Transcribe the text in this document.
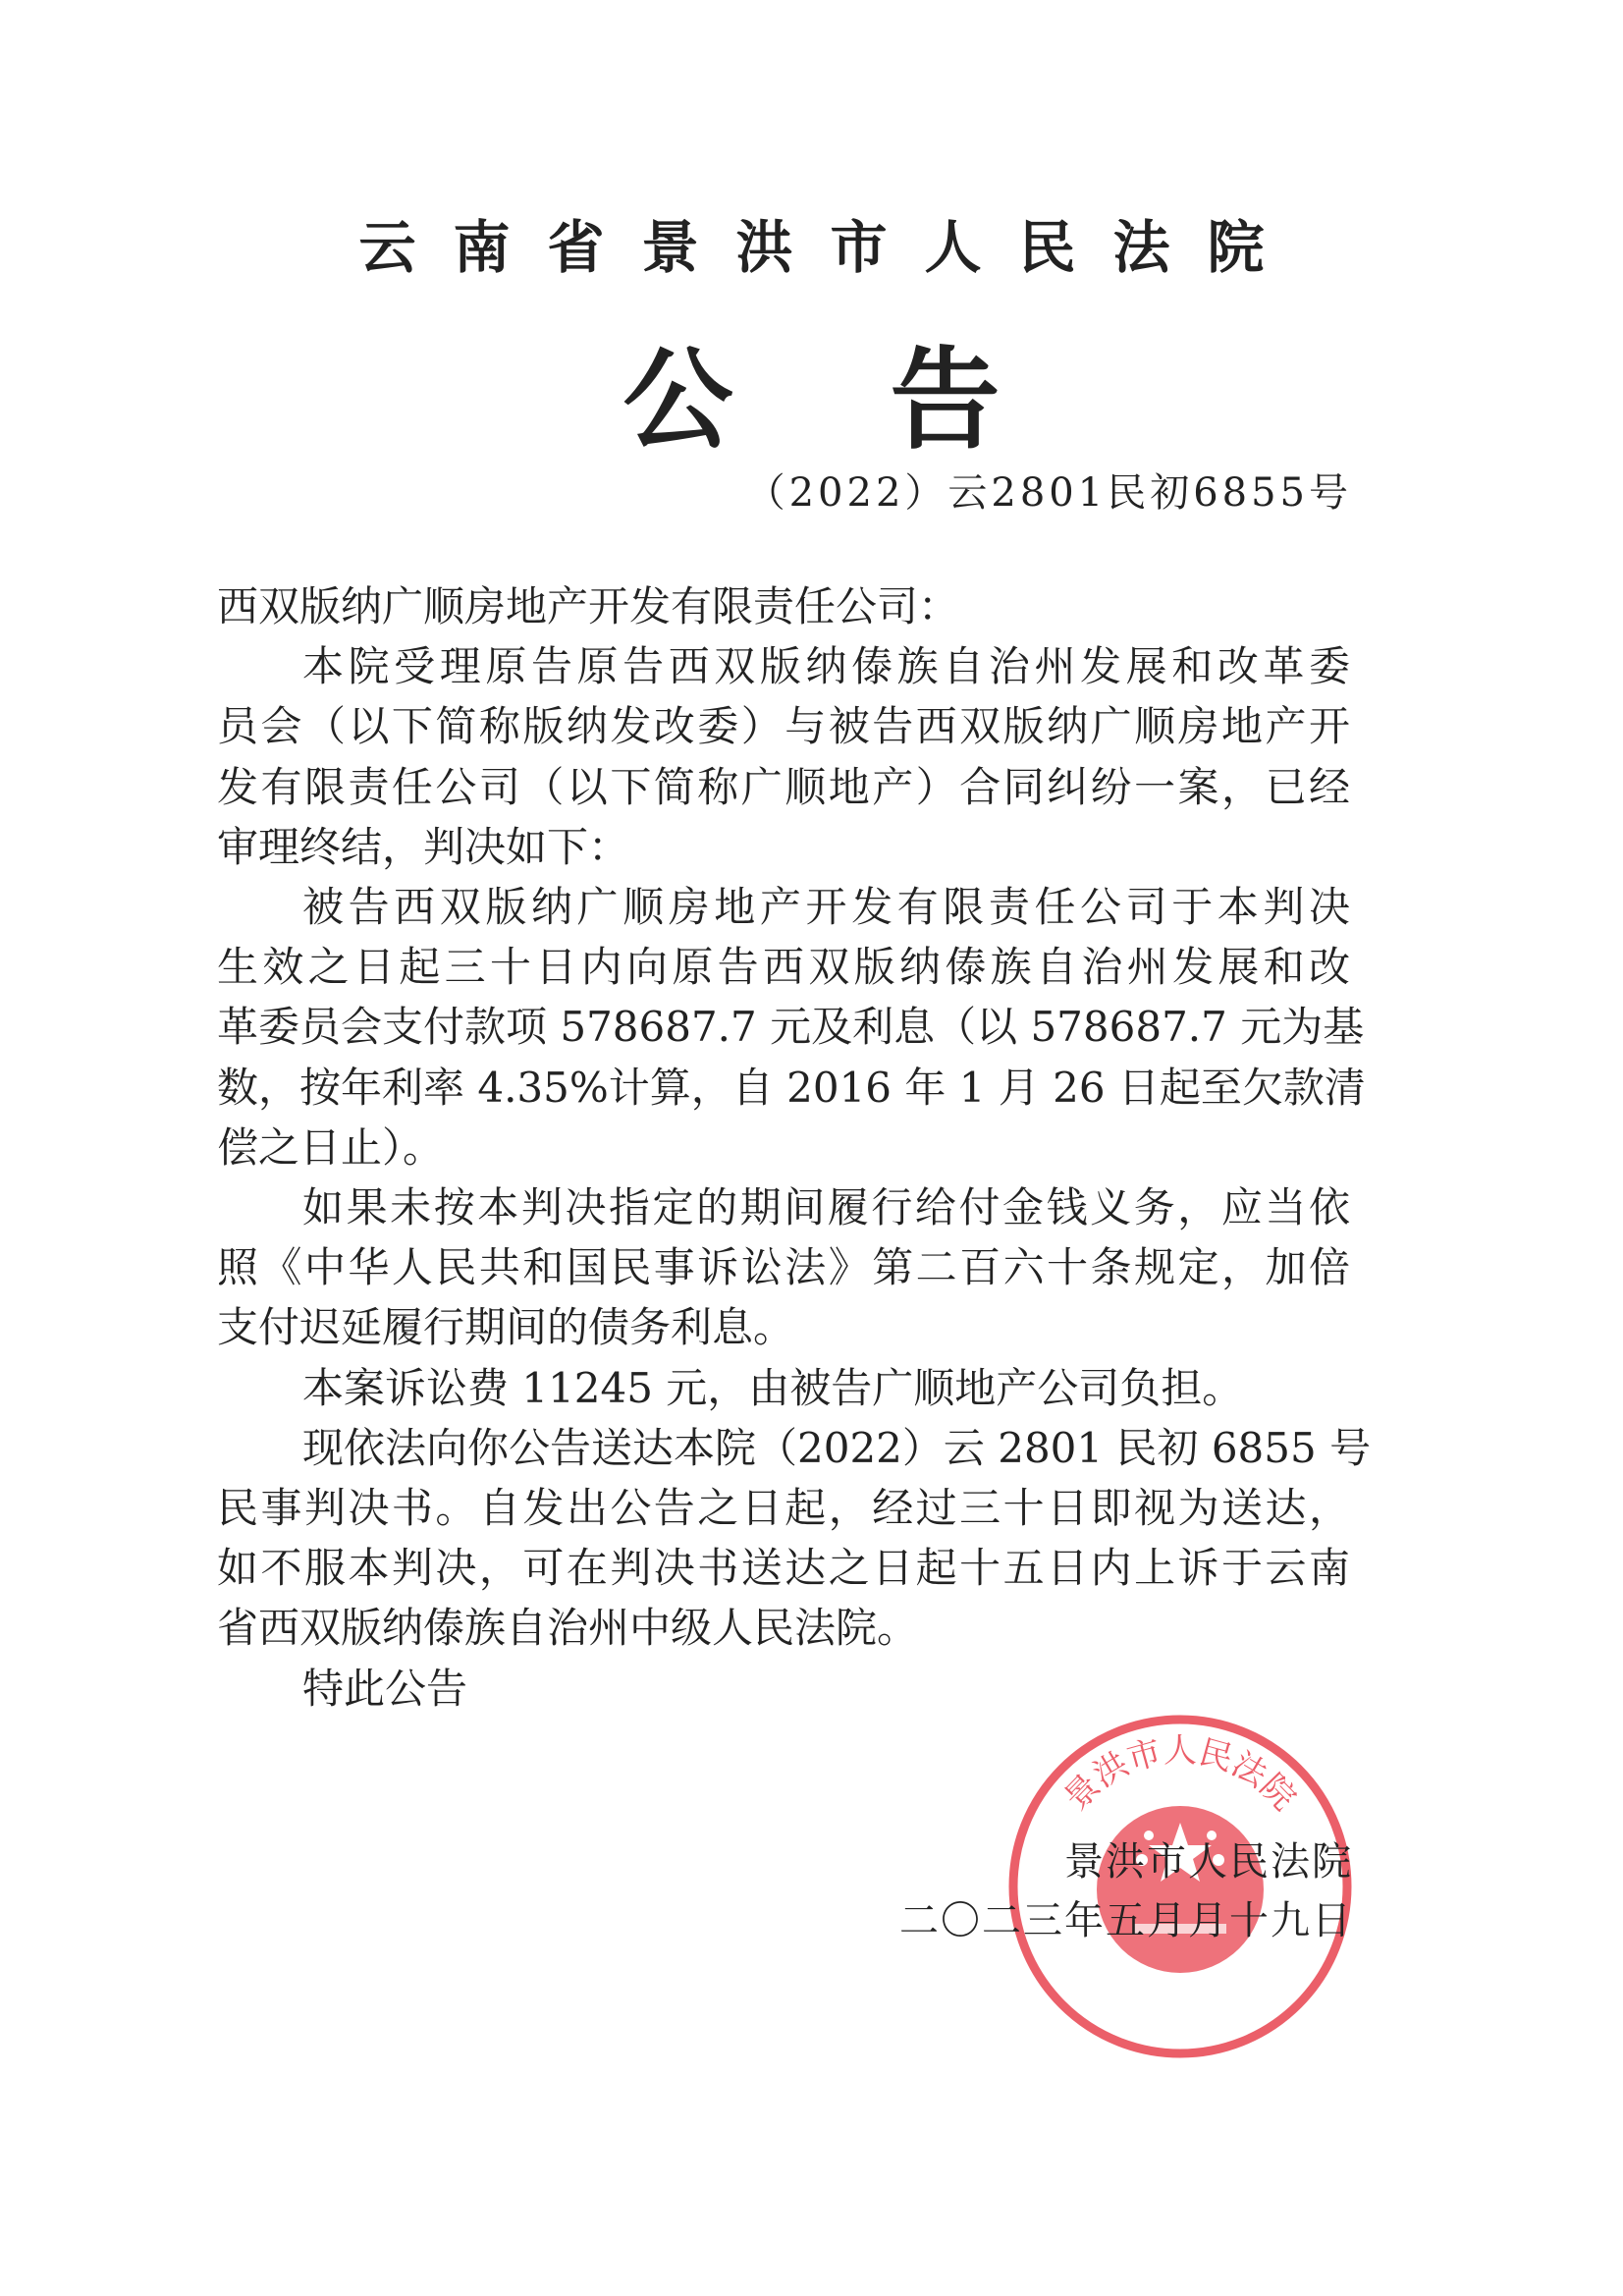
云南省景洪市人民法院
公告
（2022）云2801民初6855号
西双版纳广顺房地产开发有限责任公司：
本院受理原告原告西双版纳傣族自治州发展和改革委
员会（以下简称版纳发改委）与被告西双版纳广顺房地产开
发有限责任公司（以下简称广顺地产）合同纠纷一案，已经
审理终结，判决如下：
被告西双版纳广顺房地产开发有限责任公司于本判决
生效之日起三十日内向原告西双版纳傣族自治州发展和改
革委员会支付款项 578687.7 元及利息（以 578687.7 元为基
数，按年利率 4.35%计算，自 2016 年 1 月 26 日起至欠款清
偿之日止）。
如果未按本判决指定的期间履行给付金钱义务，应当依
照《中华人民共和国民事诉讼法》第二百六十条规定，加倍
支付迟延履行期间的债务利息。
本案诉讼费 11245 元，由被告广顺地产公司负担。
现依法向你公告送达本院（2022）云 2801 民初 6855 号
民事判决书。自发出公告之日起，经过三十日即视为送达，
如不服本判决，可在判决书送达之日起十五日内上诉于云南
省西双版纳傣族自治州中级人民法院。
特此公告
景洪市人民法院
景洪市人民法院
二〇二三年五月月十九日
